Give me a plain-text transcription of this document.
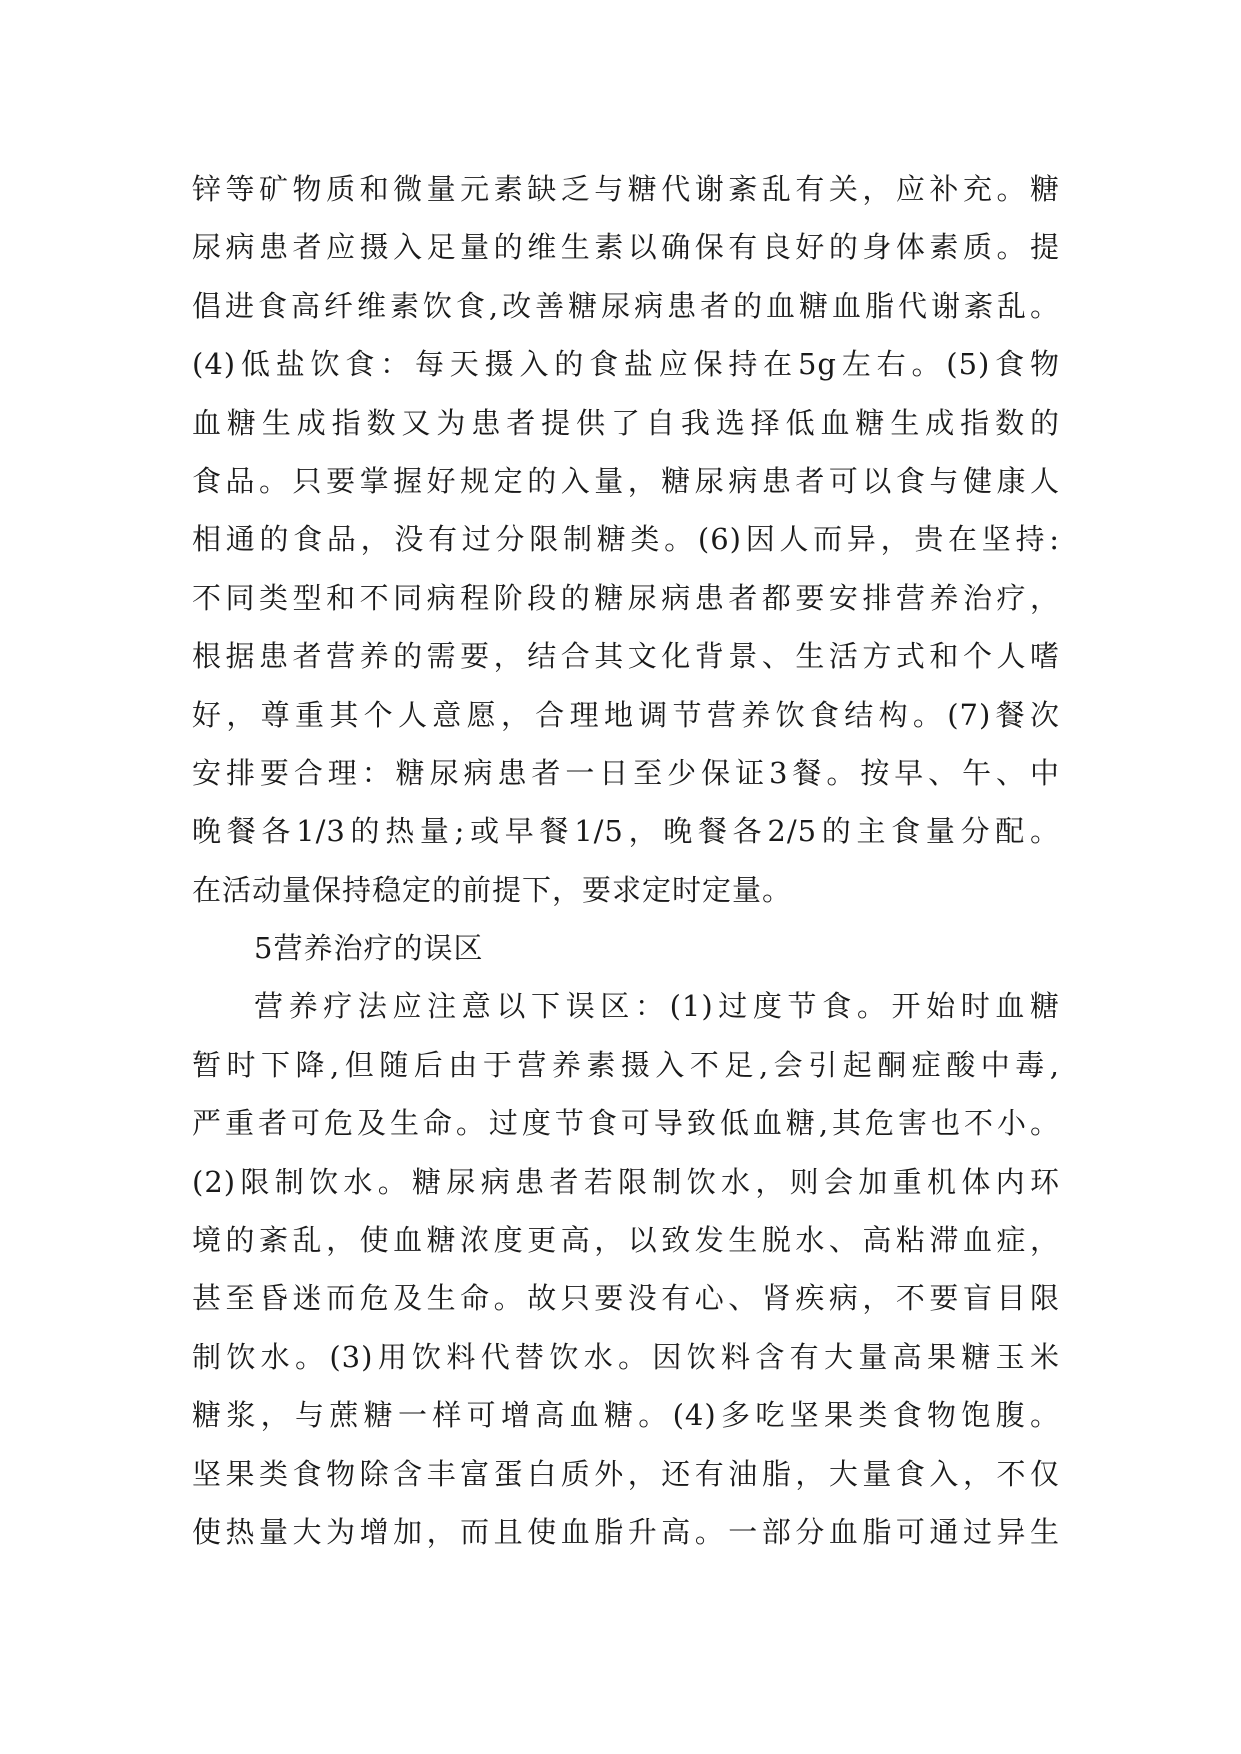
锌等矿物质和微量元素缺乏与糖代谢紊乱有关，应补充。糖
尿病患者应摄入足量的维生素以确保有良好的身体素质。提
倡进食高纤维素饮食,改善糖尿病患者的血糖血脂代谢紊乱。
(4)低盐饮食：每天摄入的食盐应保持在5g左右。(5)食物
血糖生成指数又为患者提供了自我选择低血糖生成指数的
食品。只要掌握好规定的入量，糖尿病患者可以食与健康人
相通的食品，没有过分限制糖类。(6)因人而异，贵在坚持:
不同类型和不同病程阶段的糖尿病患者都要安排营养治疗，
根据患者营养的需要，结合其文化背景、生活方式和个人嗜
好，尊重其个人意愿，合理地调节营养饮食结构。(7)餐次
安排要合理：糖尿病患者一日至少保证3餐。按早、午、中
晚餐各1/3的热量;或早餐1/5，晚餐各2/5的主食量分配。
在活动量保持稳定的前提下，要求定时定量。
5营养治疗的误区
营养疗法应注意以下误区：(1)过度节食。开始时血糖
暂时下降,但随后由于营养素摄入不足,会引起酮症酸中毒,
严重者可危及生命。过度节食可导致低血糖,其危害也不小。
(2)限制饮水。糖尿病患者若限制饮水，则会加重机体内环
境的紊乱，使血糖浓度更高，以致发生脱水、高粘滞血症，
甚至昏迷而危及生命。故只要没有心、肾疾病，不要盲目限
制饮水。(3)用饮料代替饮水。因饮料含有大量高果糖玉米
糖浆，与蔗糖一样可增高血糖。(4)多吃坚果类食物饱腹。
坚果类食物除含丰富蛋白质外，还有油脂，大量食入，不仅
使热量大为增加，而且使血脂升高。一部分血脂可通过异生
